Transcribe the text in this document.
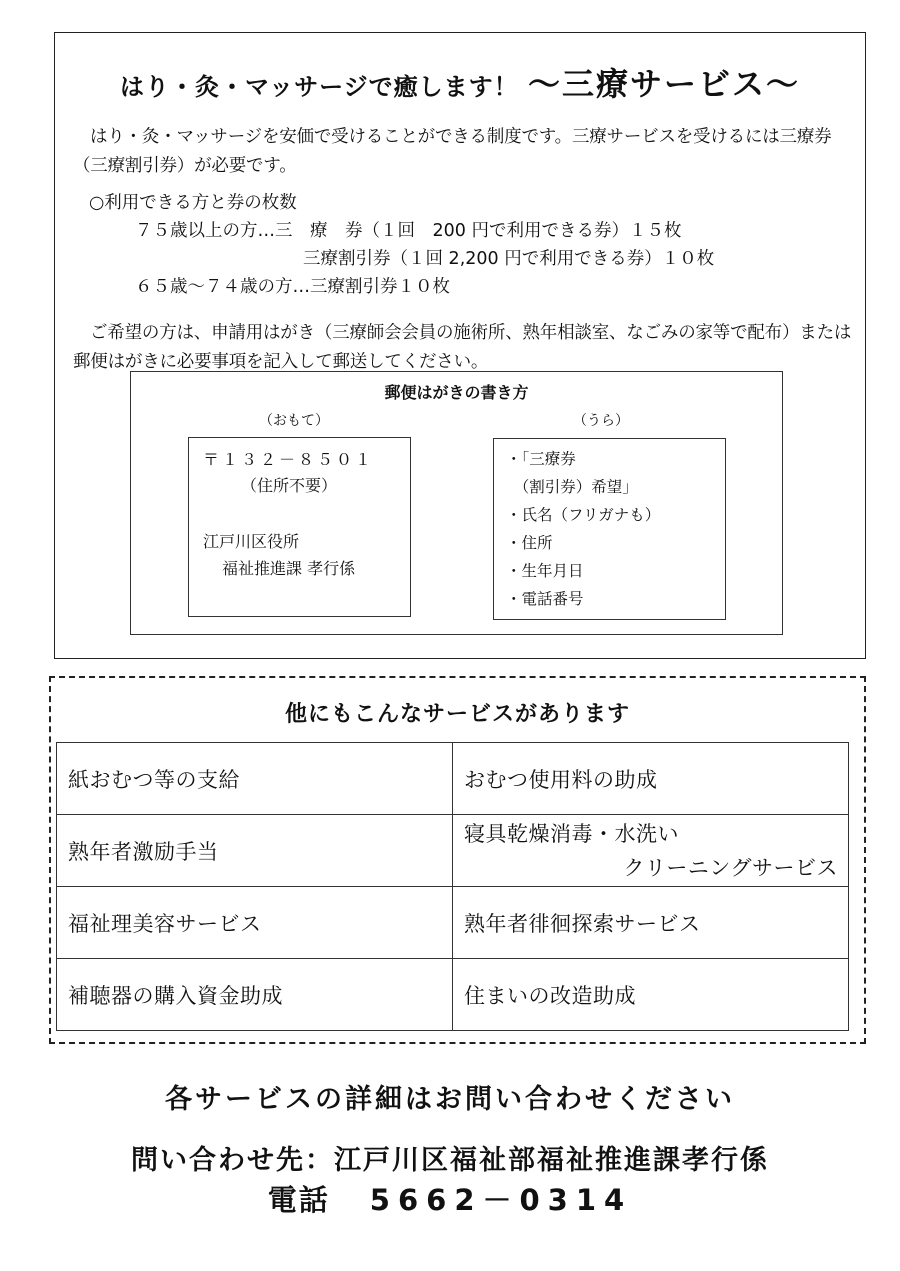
はり・灸・マッサージで癒します！ ～三療サービス～

はり・灸・マッサージを安価で受けることができる制度です。三療サービスを受けるには三療券（三療割引券）が必要です。

○利用できる方と券の枚数
７５歳以上の方…三　療　券（１回　200 円で利用できる券）１５枚
三療割引券（１回 2,200 円で利用できる券）１０枚
６５歳～７４歳の方…三療割引券１０枚

ご希望の方は、申請用はがき（三療師会会員の施術所、熟年相談室、なごみの家等で配布）または郵便はがきに必要事項を記入して郵送してください。

郵便はがきの書き方
（おもて）	（うら）
〒１３２－８５０１
（住所不要）
江戸川区役所
福祉推進課 孝行係
・「三療券
　（割引券）希望」
・氏名（フリガナも）
・住所
・生年月日
・電話番号
他にもこんなサービスがあります
紙おむつ等の支給	おむつ使用料の助成
熟年者激励手当	寝具乾燥消毒・水洗い
クリーニングサービス

福祉理美容サービス	熟年者徘徊探索サービス
補聴器の購入資金助成	住まいの改造助成
各サービスの詳細はお問い合わせください
問い合わせ先：江戸川区福祉部福祉推進課孝行係
電話 5662－0314
